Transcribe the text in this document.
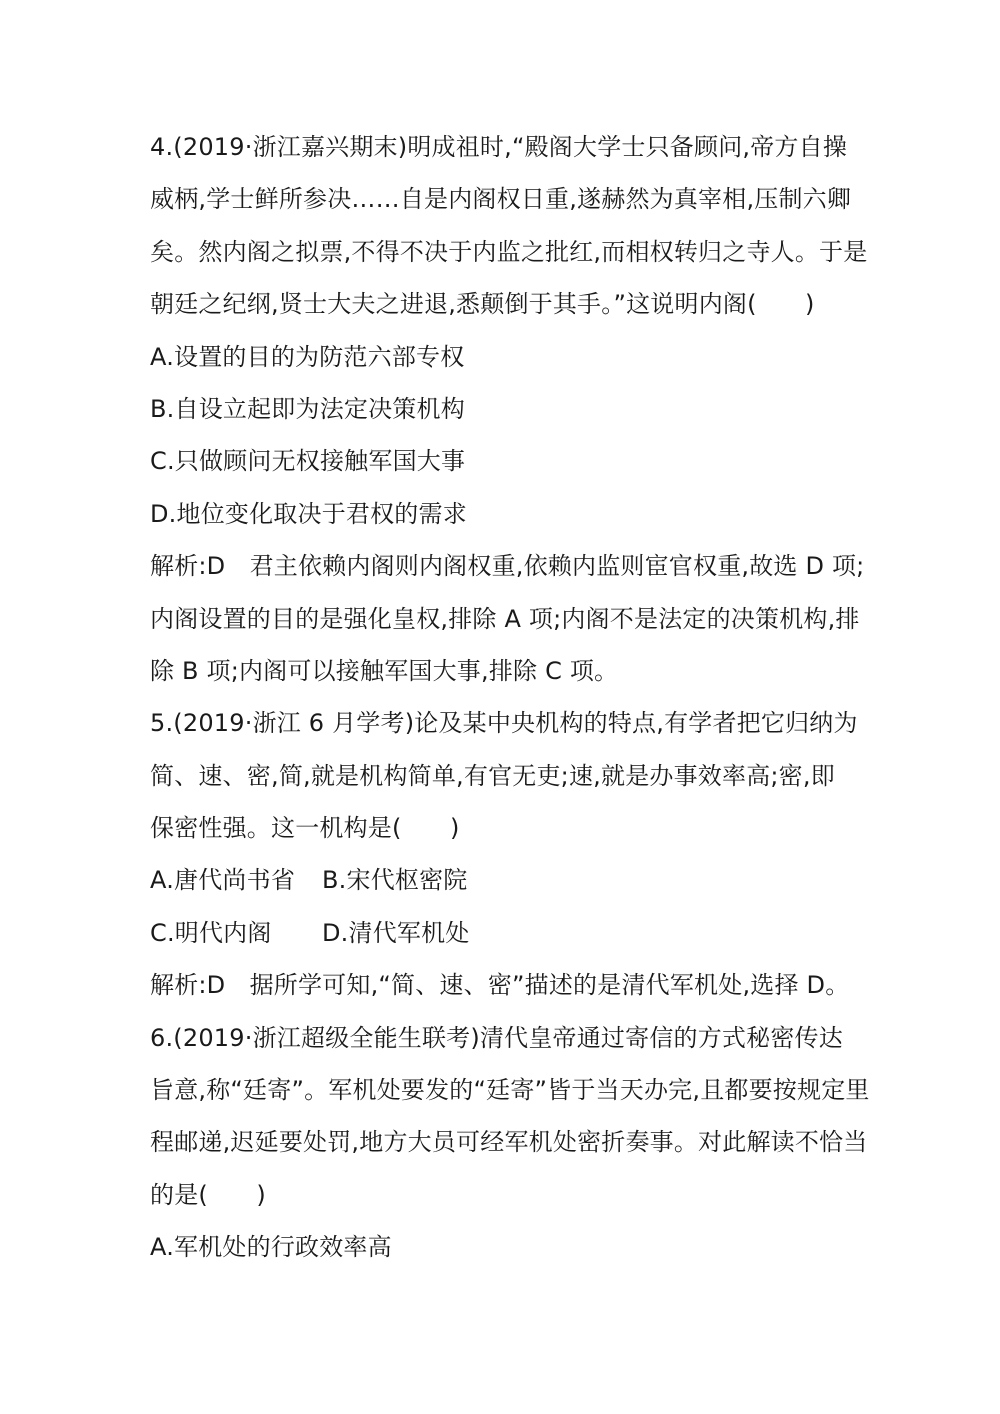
4.(2019·浙江嘉兴期末)明成祖时,“殿阁大学士只备顾问,帝方自操
威柄,学士鲜所参决……自是内阁权日重,遂赫然为真宰相,压制六卿
矣。然内阁之拟票,不得不决于内监之批红,而相权转归之寺人。于是
朝廷之纪纲,贤士大夫之进退,悉颠倒于其手。”这说明内阁(　　)
A.设置的目的为防范六部专权
B.自设立起即为法定决策机构
C.只做顾问无权接触军国大事
D.地位变化取决于君权的需求
解析:D　君主依赖内阁则内阁权重,依赖内监则宦官权重,故选 D 项;
内阁设置的目的是强化皇权,排除 A 项;内阁不是法定的决策机构,排
除 B 项;内阁可以接触军国大事,排除 C 项。
5.(2019·浙江 6 月学考)论及某中央机构的特点,有学者把它归纳为
简、速、密,简,就是机构简单,有官无吏;速,就是办事效率高;密,即
保密性强。这一机构是(　　)
A.唐代尚书省 B.宋代枢密院
C.明代内阁 D.清代军机处
解析:D　据所学可知,“简、速、密”描述的是清代军机处,选择 D。
6.(2019·浙江超级全能生联考)清代皇帝通过寄信的方式秘密传达
旨意,称“廷寄”。军机处要发的“廷寄”皆于当天办完,且都要按规定里
程邮递,迟延要处罚,地方大员可经军机处密折奏事。对此解读不恰当
的是(　　)
A.军机处的行政效率高
